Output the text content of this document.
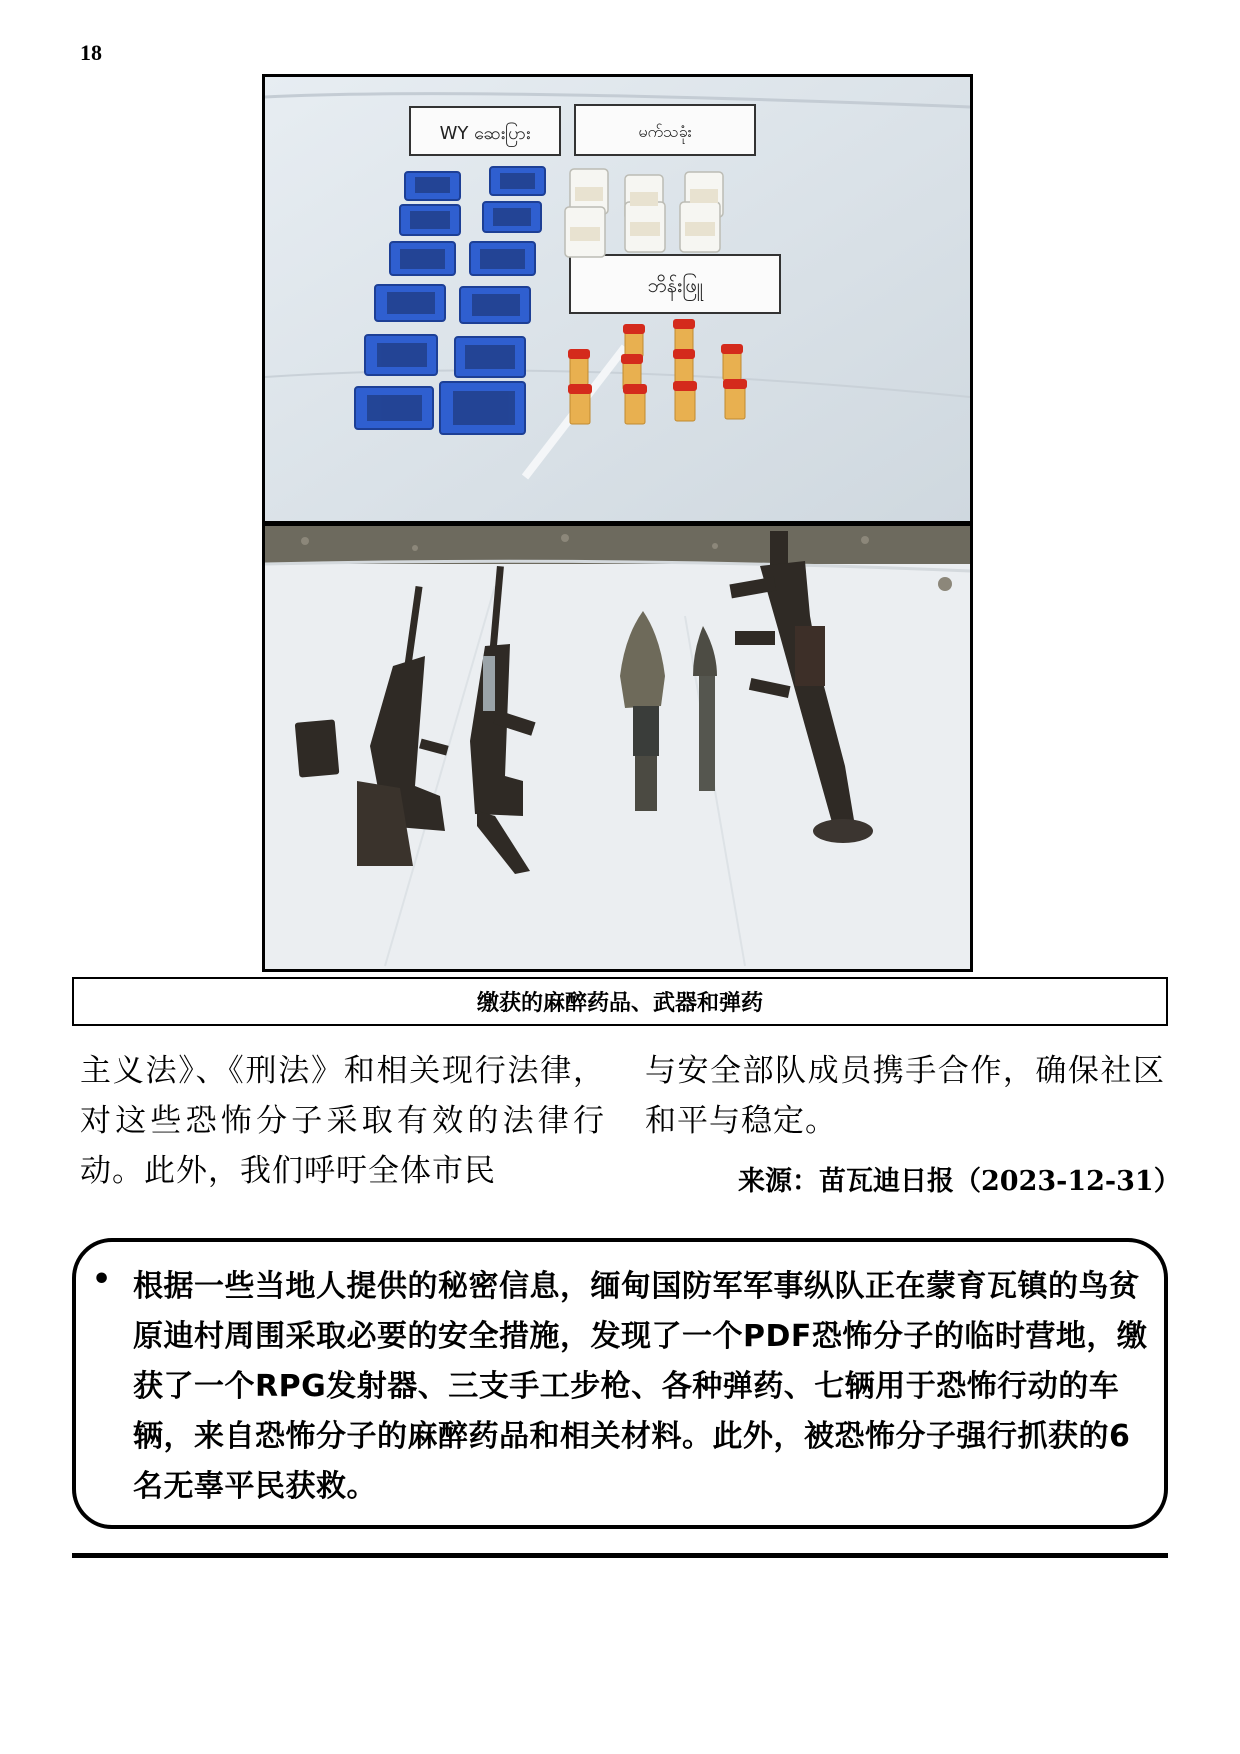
18
WY ဆေးပြား	မက်သခုံး
ဘိန်းဖြူ
缴获的麻醉药品、武器和弹药
主义法》、《刑法》和相关现行法律，对这些恐怖分子采取有效的法律行动。此外，我们呼吁全体市民
与安全部队成员携手合作，确保社区和平与稳定。
来源：苗瓦迪日报（2023-12-31）
• 根据一些当地人提供的秘密信息，缅甸国防军军事纵队正在蒙育瓦镇的鸟贫原迪村周围采取必要的安全措施，发现了一个PDF恐怖分子的临时营地，缴获了一个RPG发射器、三支手工步枪、各种弹药、七辆用于恐怖行动的车辆，来自恐怖分子的麻醉药品和相关材料。此外，被恐怖分子强行抓获的6名无辜平民获救。
